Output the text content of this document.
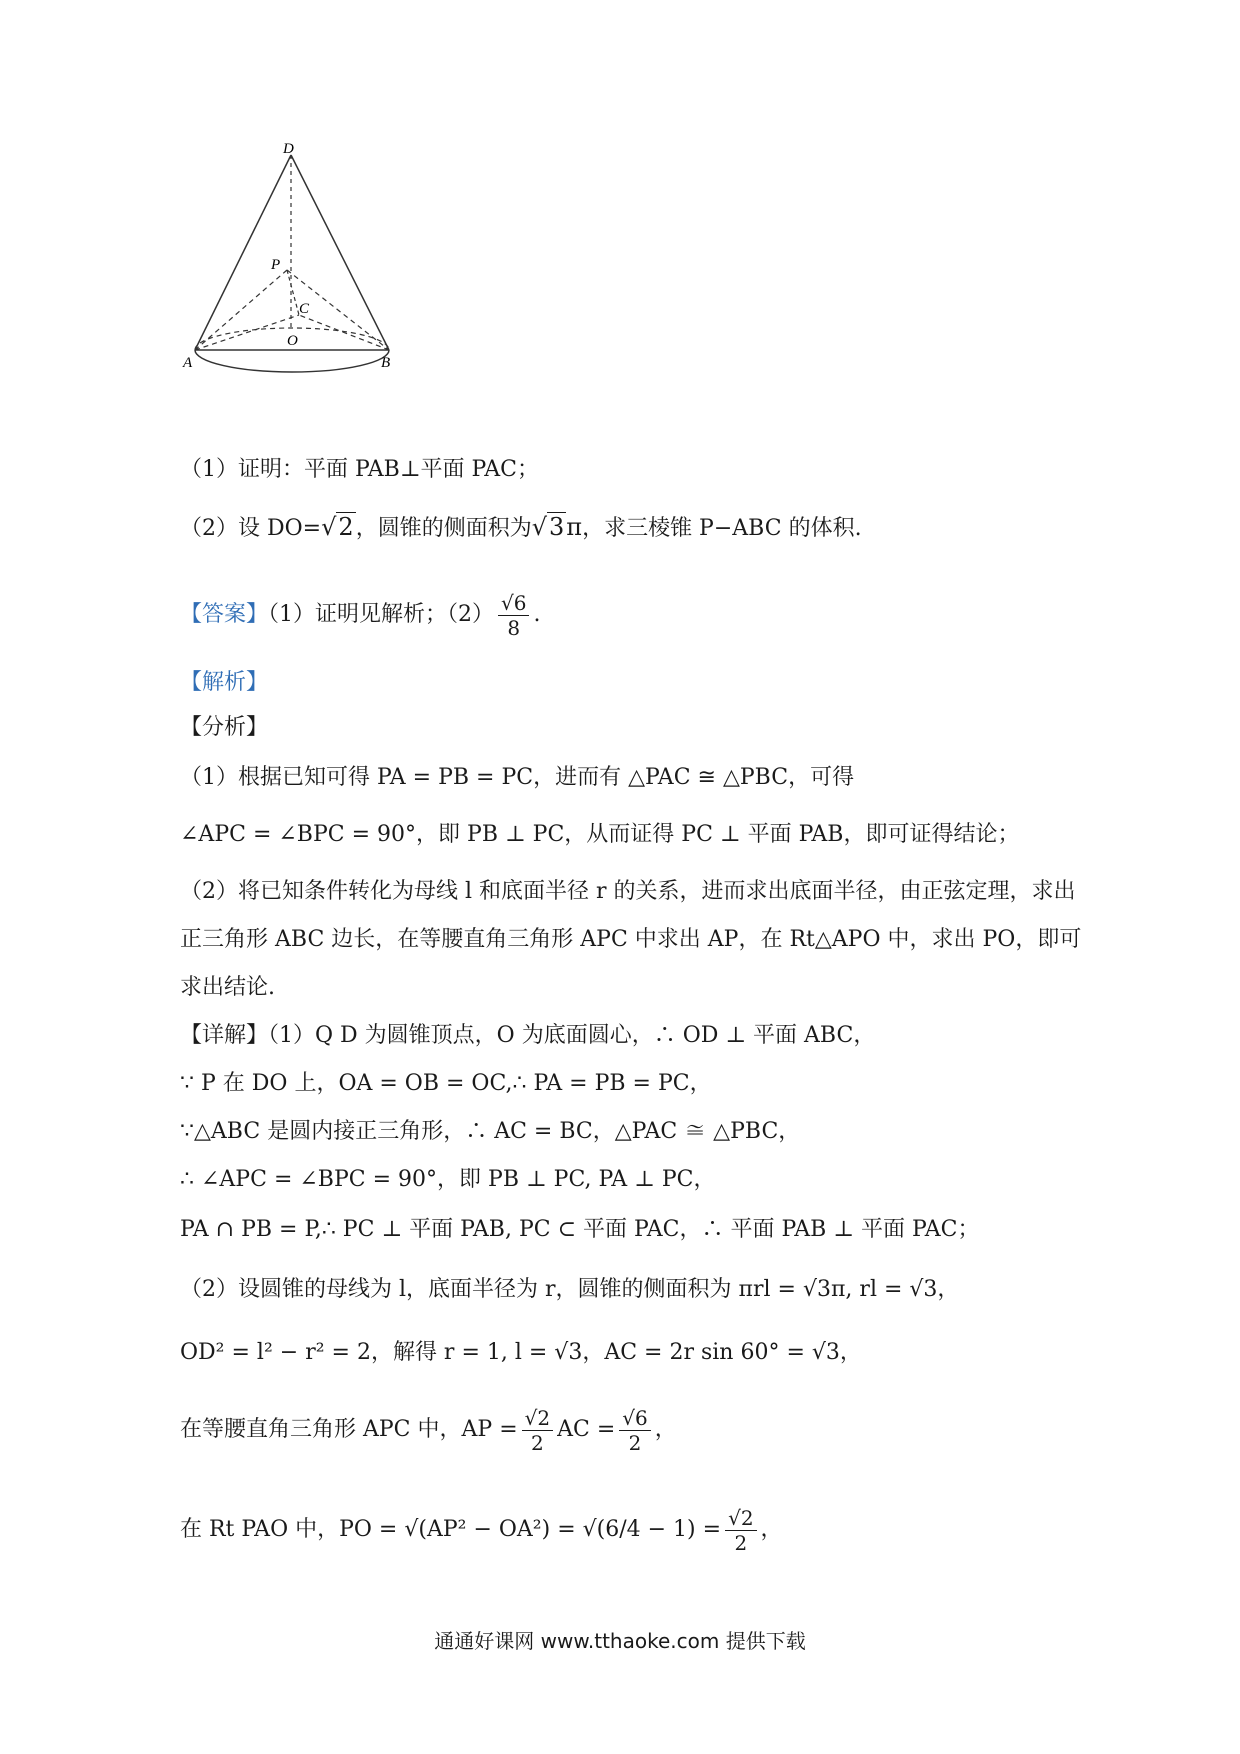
D
P
C
O
A	B
（1）证明：平面 PAB⊥平面 PAC；
（2）设 DO=√2，圆锥的侧面积为√3π，求三棱锥 P−ABC 的体积.
【答案】（1）证明见解析；$(2) \frac{√6}{8}$ .
【解析】
【分析】
（1）根据已知可得 PA = PB = PC，进而有 △PAC ≅ △PBC，可得
∠APC = ∠BPC = 90°，即 PB ⊥ PC，从而证得 PC ⊥ 平面 PAB，即可证得结论；
（2）将已知条件转化为母线 l 和底面半径 r 的关系，进而求出底面半径，由正弦定理，求出
正三角形 ABC 边长，在等腰直角三角形 APC 中求出 AP，在 Rt△APO 中，求出 PO，即可
求出结论.
【详解】（1）Q D 为圆锥顶点，O 为底面圆心，∴ OD ⊥ 平面 ABC，
∵ P 在 DO 上，OA = OB = OC,∴ PA = PB = PC，
∵△ABC 是圆内接正三角形，∴ AC = BC，△PAC ≅ △PBC，
∴ ∠APC = ∠BPC = 90°，即 PB ⊥ PC, PA ⊥ PC，
PA ∩ PB = P,∴ PC ⊥ 平面 PAB, PC ⊂ 平面 PAC，∴ 平面 PAB ⊥ 平面 PAC；
（2）设圆锥的母线为 l，底面半径为 r，圆锥的侧面积为 πrl = √3π, rl = √3，
OD² = l² − r² = 2，解得 r = 1, l = √3，AC = 2r sin 60° = √3，
在等腰直角三角形 APC 中，AP = $\frac{√2}{2}$ AC = $\frac{√6}{2}$ ，
在 Rt PAO 中，PO = $√(AP^2 - OA^2) = √(6/4 - 1) = \frac{√2}{2}$ ，
通通好课网 www.tthaoke.com 提供下载
